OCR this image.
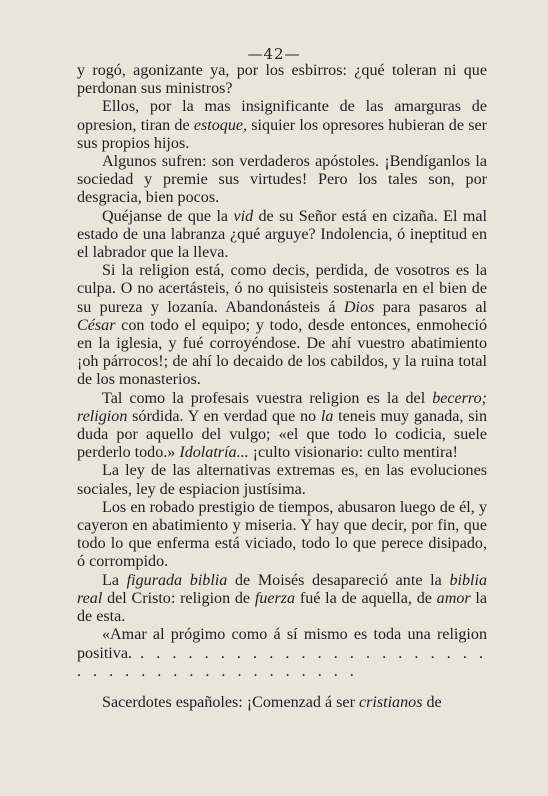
—42—

y rogó, agonizante ya, por los esbirros: ¿qué toleran ni que perdonan sus ministros?

Ellos, por la mas insignificante de las amarguras de opresion, tiran de estoque, siquier los opresores hubieran de ser sus propios hijos.

Algunos sufren: son verdaderos apóstoles. ¡Bendíganlos la sociedad y premie sus virtudes! Pero los tales son, por desgracia, bien pocos.

Quéjanse de que la vid de su Señor está en cizaña. El mal estado de una labranza ¿qué arguye? Indolencia, ó ineptitud en el labrador que la lleva.

Si la religion está, como decis, perdida, de vosotros es la culpa. O no acertásteis, ó no quisisteis sostenarla en el bien de su pureza y lozanía. Abandonásteis á Dios para pasaros al César con todo el equipo; y todo, desde entonces, enmoheció en la iglesia, y fué corroyéndose. De ahí vuestro abatimiento ¡oh párrocos!; de ahí lo decaido de los cabildos, y la ruina total de los monasterios.

Tal como la profesais vuestra religion es la del becerro; religion sórdida. Y en verdad que no la teneis muy ganada, sin duda por aquello del vulgo; «el que todo lo codicia, suele perderlo todo.» Idolatría... ¡culto visionario: culto mentira!

La ley de las alternativas extremas es, en las evoluciones sociales, ley de espiacion justísima.

Los en robado prestigio de tiempos, abusaron luego de él, y cayeron en abatimiento y miseria. Y hay que decir, por fin, que todo lo que enferma está viciado, todo lo que perece disipado, ó corrompido.

La figurada biblia de Moisés desapareció ante la biblia real del Cristo: religion de fuerza fué la de aquella, de amor la de esta.

«Amar al prógimo como á sí mismo es toda una religion positiva. . . . . . . . . . . . . . . . . . . . . . . . . . . . . . . . . . . . . . . . .

Sacerdotes españoles: ¡Comenzad á ser cristianos de
